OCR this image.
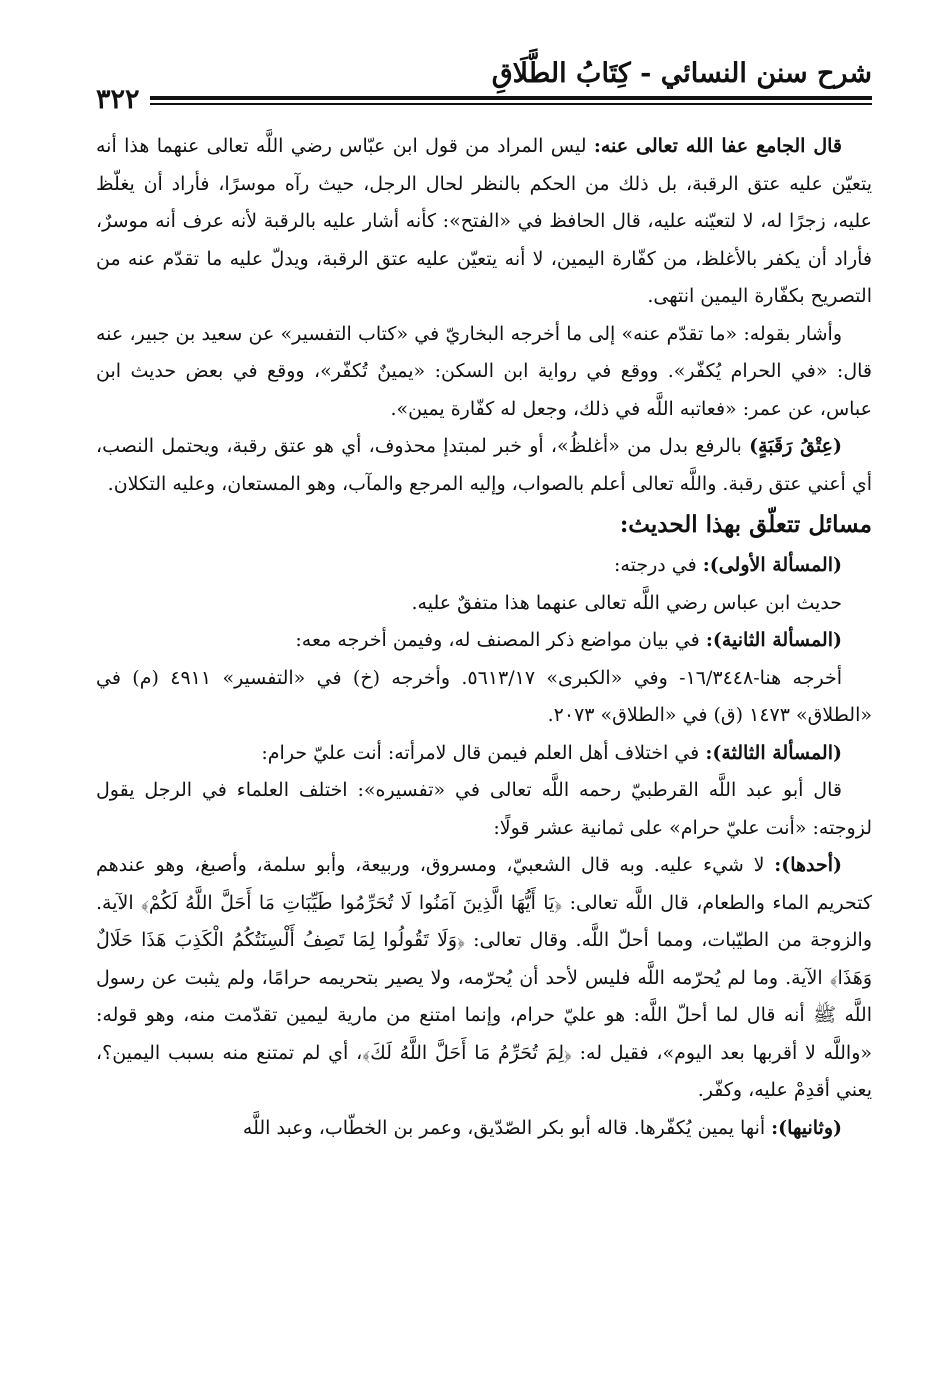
شرح سنن النسائي - كِتَابُ الطَّلَاقِ
٣٢٢

قال الجامع عفا الله تعالى عنه: ليس المراد من قول ابن عبّاس رضي اللَّه تعالى عنهما هذا أنه يتعيّن عليه عتق الرقبة، بل ذلك من الحكم بالنظر لحال الرجل، حيث رآه موسرًا، فأراد أن يغلّظ عليه، زجرًا له، لا لتعيّنه عليه، قال الحافظ في «الفتح»: كأنه أشار عليه بالرقبة لأنه عرف أنه موسرٌ، فأراد أن يكفر بالأغلظ، من كفّارة اليمين، لا أنه يتعيّن عليه عتق الرقبة، ويدلّ عليه ما تقدّم عنه من التصريح بكفّارة اليمين انتهى.

وأشار بقوله: «ما تقدّم عنه» إلى ما أخرجه البخاريّ في «كتاب التفسير» عن سعيد بن جبير، عنه قال: «في الحرام يُكفّر». ووقع في رواية ابن السكن: «يمينٌ تُكفّر»، ووقع في بعض حديث ابن عباس، عن عمر: «فعاتبه اللَّه في ذلك، وجعل له كفّارة يمين».

(عِتْقُ رَقَبَةٍ) بالرفع بدل من «أغلظُ»، أو خبر لمبتدإ محذوف، أي هو عتق رقبة، ويحتمل النصب، أي أعني عتق رقبة. واللَّه تعالى أعلم بالصواب، وإليه المرجع والمآب، وهو المستعان، وعليه التكلان.

مسائل تتعلّق بهذا الحديث:

(المسألة الأولى): في درجته:

حديث ابن عباس رضي اللَّه تعالى عنهما هذا متفقٌ عليه.

(المسألة الثانية): في بيان مواضع ذكر المصنف له، وفيمن أخرجه معه:

أخرجه هنا-١٦/٣٤٤٨- وفي «الكبرى» ٥٦١٣/١٧. وأخرجه (خ) في «التفسير» ٤٩١١ (م) في «الطلاق» ١٤٧٣ (ق) في «الطلاق» ٢٠٧٣.

(المسألة الثالثة): في اختلاف أهل العلم فيمن قال لامرأته: أنت عليّ حرام:

قال أبو عبد اللَّه القرطبيّ رحمه اللَّه تعالى في «تفسيره»: اختلف العلماء في الرجل يقول لزوجته: «أنت عليّ حرام» على ثمانية عشر قولًا:

(أحدها): لا شيء عليه. وبه قال الشعبيّ، ومسروق، وربيعة، وأبو سلمة، وأصبغ، وهو عندهم كتحريم الماء والطعام، قال اللَّه تعالى: ﴿يَا أَيُّهَا الَّذِينَ آمَنُوا لَا تُحَرِّمُوا طَيِّبَاتِ مَا أَحَلَّ اللَّهُ لَكُمْ﴾ الآية. والزوجة من الطيّبات، ومما أحلّ اللَّه. وقال تعالى: ﴿وَلَا تَقُولُوا لِمَا تَصِفُ أَلْسِنَتُكُمُ الْكَذِبَ هَذَا حَلَالٌ وَهَذَا﴾ الآية. وما لم يُحرّمه اللَّه فليس لأحد أن يُحرّمه، ولا يصير بتحريمه حرامًا، ولم يثبت عن رسول اللَّه ﷺ أنه قال لما أحلّ اللَّه: هو عليّ حرام، وإنما امتنع من مارية ليمين تقدّمت منه، وهو قوله: «واللَّه لا أقربها بعد اليوم»، فقيل له: ﴿لِمَ تُحَرِّمُ مَا أَحَلَّ اللَّهُ لَكَ﴾، أي لم تمتنع منه بسبب اليمين؟، يعني أقدِمْ عليه، وكفّر.

(وثانيها): أنها يمين يُكفّرها. قاله أبو بكر الصّدّيق، وعمر بن الخطّاب، وعبد اللَّه
